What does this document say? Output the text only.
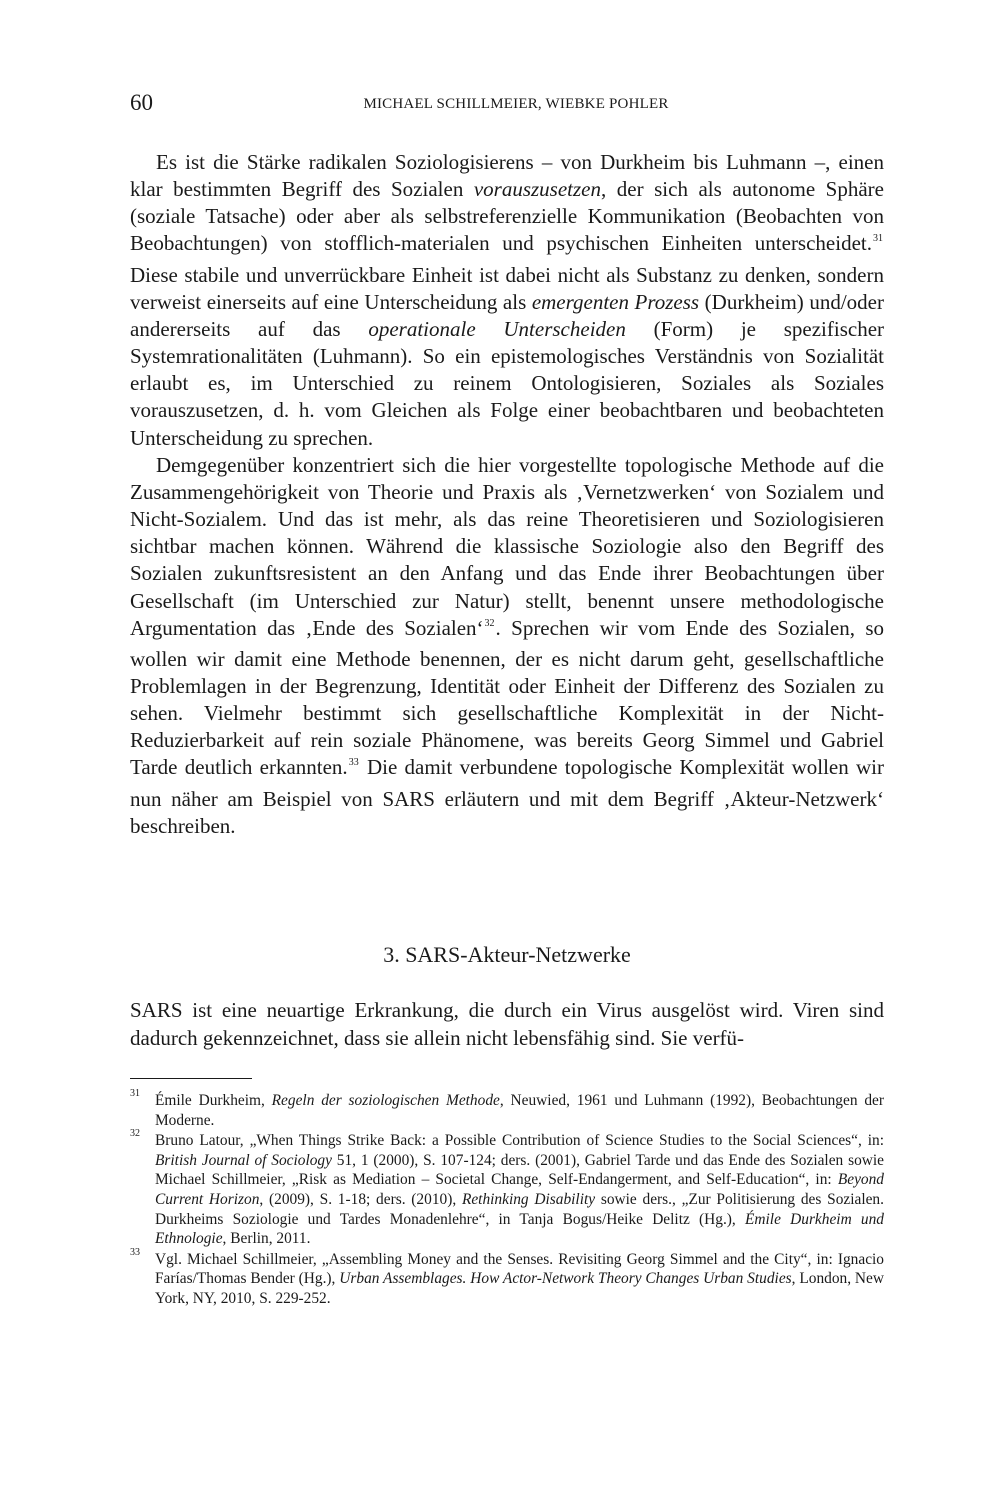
60	MICHAEL SCHILLMEIER, WIEBKE POHLER

Es ist die Stärke radikalen Soziologisierens – von Durkheim bis Luhmann –, einen klar bestimmten Begriff des Sozialen vorauszusetzen, der sich als autonome Sphäre (soziale Tatsache) oder aber als selbstreferenzielle Kommunikation (Beobachten von Beobachtungen) von stofflich-materialen und psychischen Einheiten unterscheidet.$^{31}$ Diese stabile und unverrückbare Einheit ist dabei nicht als Substanz zu denken, sondern verweist einerseits auf eine Unterscheidung als emergenten Prozess (Durkheim) und/oder andererseits auf das operationale Unterscheiden (Form) je spezifischer Systemrationalitäten (Luhmann). So ein epistemologisches Verständnis von Sozialität erlaubt es, im Unterschied zu reinem Ontologisieren, Soziales als Soziales vorauszusetzen, d. h. vom Gleichen als Folge einer beobachtbaren und beobachteten Unterscheidung zu sprechen.

Demgegenüber konzentriert sich die hier vorgestellte topologische Methode auf die Zusammengehörigkeit von Theorie und Praxis als ‚Vernetzwerken‘ von Sozialem und Nicht-Sozialem. Und das ist mehr, als das reine Theoretisieren und Soziologisieren sichtbar machen können. Während die klassische Soziologie also den Begriff des Sozialen zukunftsresistent an den Anfang und das Ende ihrer Beobachtungen über Gesellschaft (im Unterschied zur Natur) stellt, benennt unsere methodologische Argumentation das ‚Ende des Sozialen‘$^{32}$. Sprechen wir vom Ende des Sozialen, so wollen wir damit eine Methode benennen, der es nicht darum geht, gesellschaftliche Problemlagen in der Begrenzung, Identität oder Einheit der Differenz des Sozialen zu sehen. Vielmehr bestimmt sich gesellschaftliche Komplexität in der Nicht-Reduzierbarkeit auf rein soziale Phänomene, was bereits Georg Simmel und Gabriel Tarde deutlich erkannten.$^{33}$ Die damit verbundene topologische Komplexität wollen wir nun näher am Beispiel von SARS erläutern und mit dem Begriff ‚Akteur-Netzwerk‘ beschreiben.

3. SARS-Akteur-Netzwerke

SARS ist eine neuartige Erkrankung, die durch ein Virus ausgelöst wird. Viren sind dadurch gekennzeichnet, dass sie allein nicht lebensfähig sind. Sie verfü-

31 Émile Durkheim, Regeln der soziologischen Methode, Neuwied, 1961 und Luhmann (1992), Beobachtungen der Moderne.
32 Bruno Latour, „When Things Strike Back: a Possible Contribution of Science Studies to the Social Sciences“, in: British Journal of Sociology 51, 1 (2000), S. 107-124; ders. (2001), Gabriel Tarde und das Ende des Sozialen sowie Michael Schillmeier, „Risk as Mediation – Societal Change, Self-Endangerment, and Self-Education“, in: Beyond Current Horizon, (2009), S. 1-18; ders. (2010), Rethinking Disability sowie ders., „Zur Politisierung des Sozialen. Durkheims Soziologie und Tardes Monadenlehre“, in Tanja Bogus/Heike Delitz (Hg.), Émile Durkheim und Ethnologie, Berlin, 2011.
33 Vgl. Michael Schillmeier, „Assembling Money and the Senses. Revisiting Georg Simmel and the City“, in: Ignacio Farías/Thomas Bender (Hg.), Urban Assemblages. How Actor-Network Theory Changes Urban Studies, London, New York, NY, 2010, S. 229-252.
